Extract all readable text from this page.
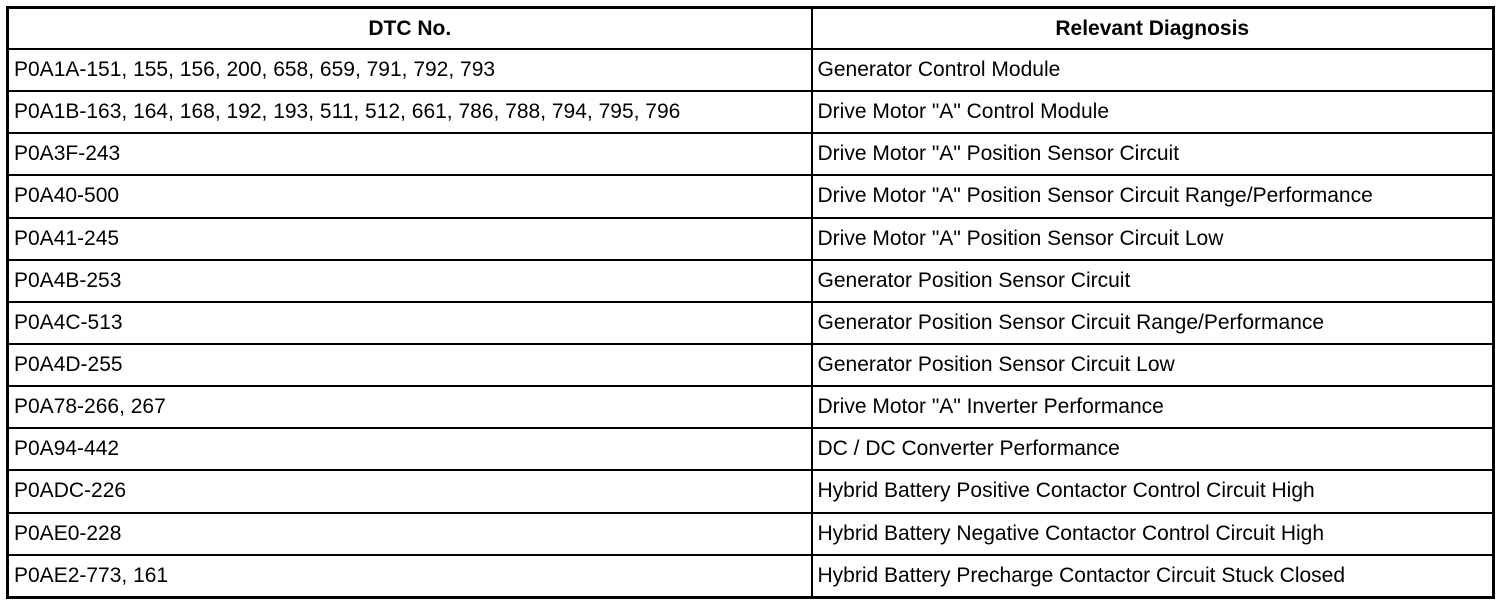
DTC No.	Relevant Diagnosis
P0A1A-151, 155, 156, 200, 658, 659, 791, 792, 793	Generator Control Module
P0A1B-163, 164, 168, 192, 193, 511, 512, 661, 786, 788, 794, 795, 796	Drive Motor "A" Control Module
P0A3F-243	Drive Motor "A" Position Sensor Circuit
P0A40-500	Drive Motor "A" Position Sensor Circuit Range/Performance
P0A41-245	Drive Motor "A" Position Sensor Circuit Low
P0A4B-253	Generator Position Sensor Circuit
P0A4C-513	Generator Position Sensor Circuit Range/Performance
P0A4D-255	Generator Position Sensor Circuit Low
P0A78-266, 267	Drive Motor "A" Inverter Performance
P0A94-442	DC / DC Converter Performance
P0ADC-226	Hybrid Battery Positive Contactor Control Circuit High
P0AE0-228	Hybrid Battery Negative Contactor Control Circuit High
P0AE2-773, 161	Hybrid Battery Precharge Contactor Circuit Stuck Closed
